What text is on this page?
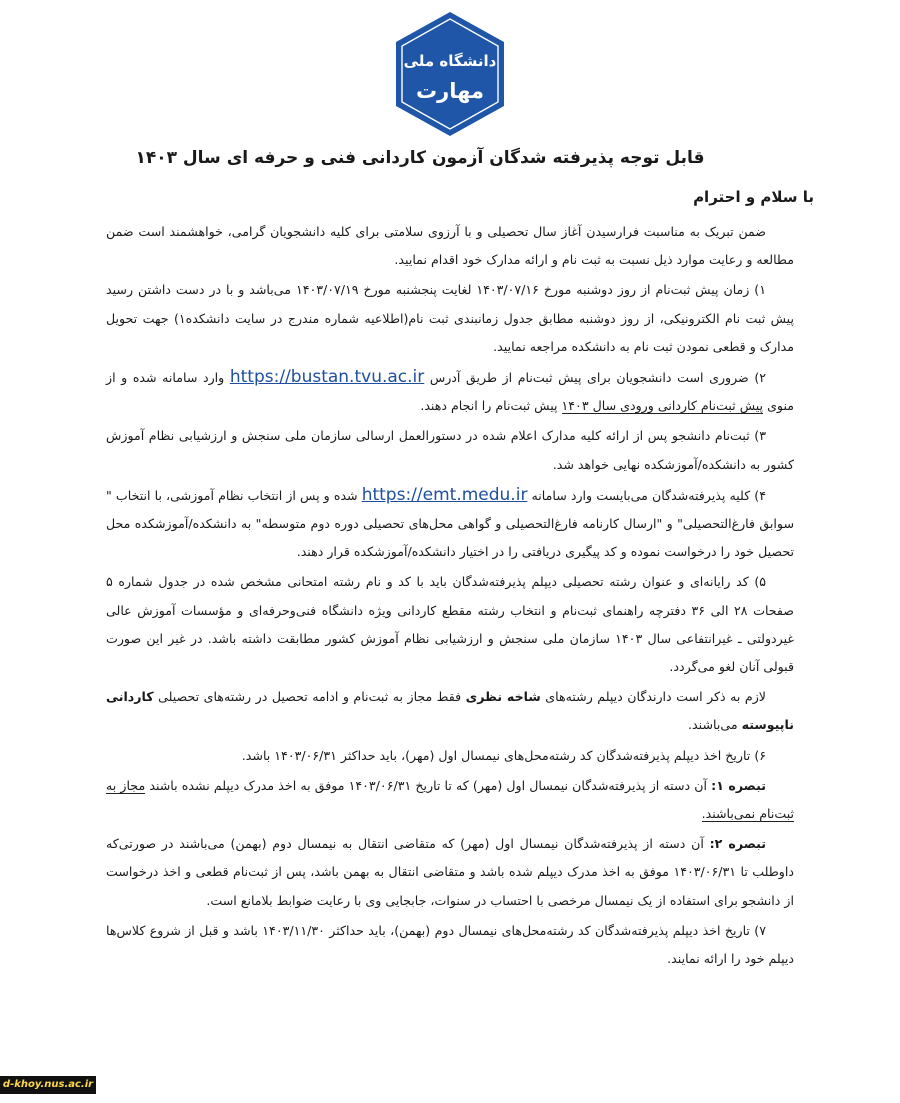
دانشگاه ملی
مهارت
قابل توجه پذیرفته شدگان آزمون کاردانی فنی و حرفه ای سال ۱۴۰۳
با سلام و احترام

ضمن تبریک به مناسبت فرارسیدن آغاز سال تحصیلی و با آرزوی سلامتی برای کلیه دانشجویان گرامی، خواهشمند است ضمن مطالعه و رعایت موارد ذیل نسبت به ثبت نام و ارائه مدارک خود اقدام نمایید.

۱) زمان پیش ثبت‌نام از روز دوشنبه مورخ ۱۴۰۳/۰۷/۱۶ لغایت پنجشنبه مورخ ۱۴۰۳/۰۷/۱۹ می‌باشد و با در دست داشتن رسید پیش ثبت نام الکترونیکی، از روز دوشنبه مطابق جدول زمانبندی ثبت نام(اطلاعیه شماره مندرج در سایت دانشکده۱) جهت تحویل مدارک و قطعی نمودن ثبت نام به دانشکده مراجعه نمایید.

۲) ضروری است دانشجویان برای پیش ثبت‌نام از طریق آدرس https://bustan.tvu.ac.ir وارد سامانه شده و از منوی پیش ثبت‌نام کاردانی ورودی سال ۱۴۰۳ پیش ثبت‌نام را انجام دهند.

۳) ثبت‌نام دانشجو پس از ارائه کلیه مدارک اعلام شده در دستورالعمل ارسالی سازمان ملی سنجش و ارزشیابی نظام آموزش کشور به دانشکده/آموزشکده نهایی خواهد شد.

۴) کلیه پذیرفته‌شدگان می‌بایست وارد سامانه https://emt.medu.ir شده و پس از انتخاب نظام آموزشی، با انتخاب " سوابق فارغ‌التحصیلی" و "ارسال کارنامه فارغ‌التحصیلی و گواهی محل‌های تحصیلی دوره دوم متوسطه" به دانشکده/آموزشکده محل تحصیل خود را درخواست نموده و کد پیگیری دریافتی را در اختیار دانشکده/آموزشکده قرار دهند.

۵) کد رایانه‌ای و عنوان رشته تحصیلی دیپلم پذیرفته‌شدگان باید با کد و نام رشته امتحانی مشخص شده در جدول شماره ۵ صفحات ۲۸ الی ۳۶ دفترچه راهنمای ثبت‌نام و انتخاب رشته مقطع کاردانی ویژه دانشگاه فنی‌وحرفه‌ای و مؤسسات آموزش عالی غیردولتی ـ غیرانتفاعی سال ۱۴۰۳ سازمان ملی سنجش و ارزشیابی نظام آموزش کشور مطابقت داشته باشد. در غیر این صورت قبولی آنان لغو می‌گردد.

لازم به ذکر است دارندگان دیپلم رشته‌های شاخه نظری فقط مجاز به ثبت‌نام و ادامه تحصیل در رشته‌های تحصیلی کاردانی ناپیوسته می‌باشند.

۶) تاریخ اخذ دیپلم پذیرفته‌شدگان کد رشته‌محل‌های نیمسال اول (مهر)، باید حداکثر ۱۴۰۳/۰۶/۳۱ باشد.

تبصره ۱: آن دسته از پذیرفته‌شدگان نیمسال اول (مهر) که تا تاریخ ۱۴۰۳/۰۶/۳۱ موفق به اخذ مدرک دیپلم نشده باشند مجاز به ثبت‌نام نمی‌باشند.

تبصره ۲: آن دسته از پذیرفته‌شدگان نیمسال اول (مهر) که متقاضی انتقال به نیمسال دوم (بهمن) می‌باشند در صورتی‌که داوطلب تا ۱۴۰۳/۰۶/۳۱ موفق به اخذ مدرک دیپلم شده باشد و متقاضی انتقال به بهمن باشد، پس از ثبت‌نام قطعی و اخذ درخواست از دانشجو برای استفاده از یک نیمسال مرخصی با احتساب در سنوات، جابجایی وی با رعایت ضوابط بلامانع است.

۷) تاریخ اخذ دیپلم پذیرفته‌شدگان کد رشته‌محل‌های نیمسال دوم (بهمن)، باید حداکثر ۱۴۰۳/۱۱/۳۰ باشد و قبل از شروع کلاس‌ها دیپلم خود را ارائه نمایند.

d-khoy.nus.ac.ir
